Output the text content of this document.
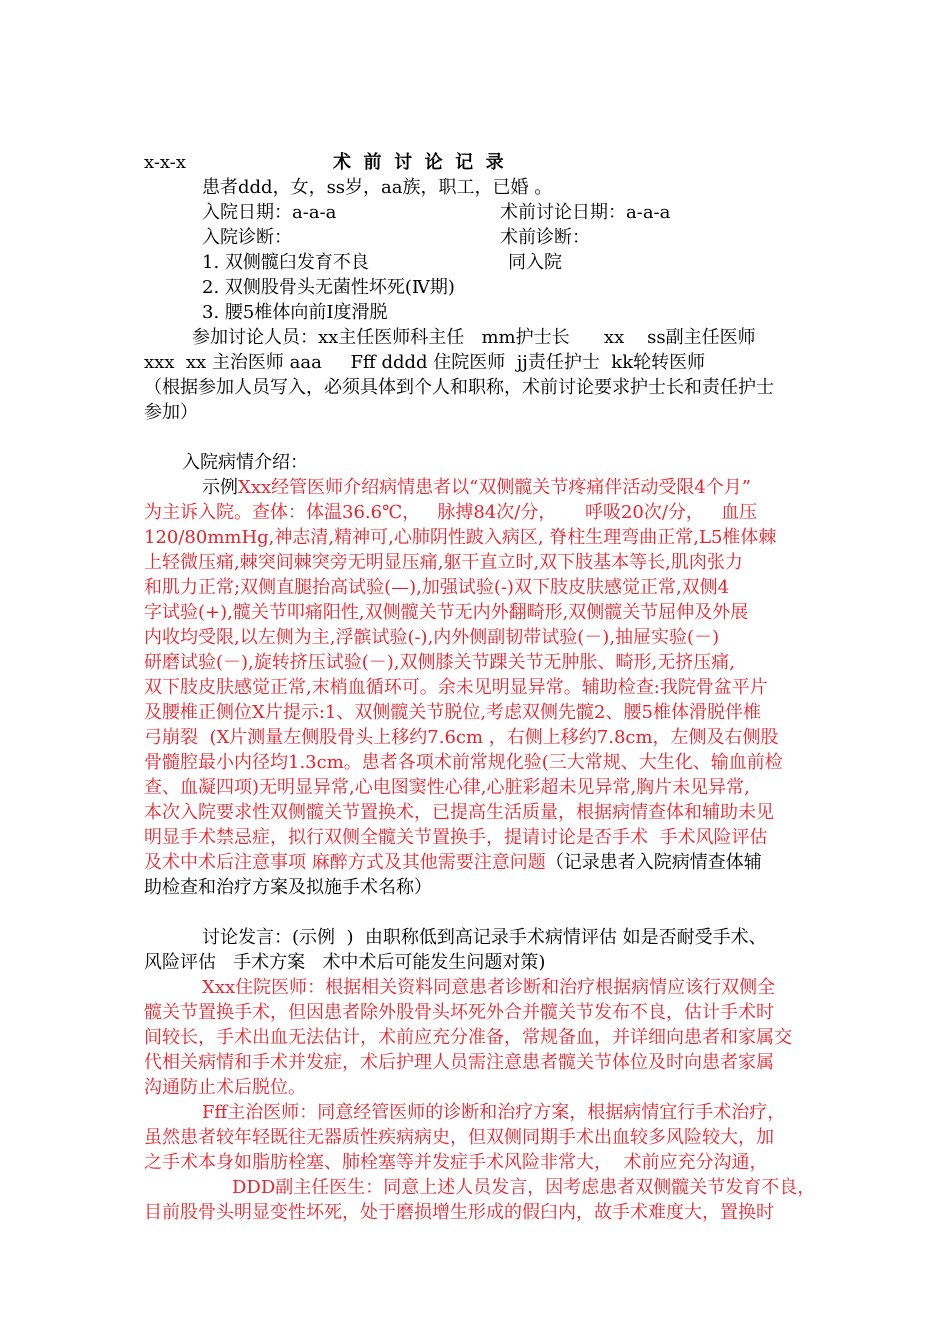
x-x-x	术  前  讨  论  记  录
患者ddd，女，ss岁，aa族，职工，已婚 。
入院日期：a-a-a	术前讨论日期：a-a-a
入院诊断：	术前诊断：
1. 双侧髋臼发育不良	同入院
2. 双侧股骨头无菌性坏死(Ⅳ期)
3. 腰5椎体向前Ⅰ度滑脱
参加讨论人员：xx主任医师科主任   mm护士长      xx    ss副主任医师
xxx  xx 主治医师 aaa     Fff dddd 住院医师  jj责任护士  kk轮转医师
（根据参加人员写入，必须具体到个人和职称，术前讨论要求护士长和责任护士
参加）
入院病情介绍：
示例Xxx经管医师介绍病情患者以“双侧髋关节疼痛伴活动受限4个月”
为主诉入院。查体：体温36.6℃，   脉搏84次/分，     呼吸20次/分，   血压
120/80mmHg,神志清,精神可,心肺阴性跛入病区, 脊柱生理弯曲正常,L5椎体棘
上轻微压痛,棘突间棘突旁无明显压痛,躯干直立时,双下肢基本等长,肌肉张力
和肌力正常;双侧直腿抬高试验(—),加强试验(-)双下肢皮肤感觉正常,双侧4
字试验(+),髋关节叩痛阳性,双侧髋关节无内外翻畸形,双侧髋关节屈伸及外展
内收均受限,以左侧为主,浮髌试验(-),内外侧副韧带试验(－),抽屉实验(－)
研磨试验(－),旋转挤压试验(－),双侧膝关节踝关节无肿胀、畸形,无挤压痛,
双下肢皮肤感觉正常,末梢血循环可。余未见明显异常。辅助检查:我院骨盆平片
及腰椎正侧位X片提示:1、双侧髋关节脱位,考虑双侧先髋2、腰5椎体滑脱伴椎
弓崩裂  (X片测量左侧股骨头上移约7.6cm ，右侧上移约7.8cm，左侧及右侧股
骨髓腔最小内径均1.3cm。患者各项术前常规化验(三大常规、大生化、输血前检
查、血凝四项)无明显异常,心电图窦性心律,心脏彩超未见异常,胸片未见异常,
本次入院要求性双侧髋关节置换术，已提高生活质量，根据病情查体和辅助未见
明显手术禁忌症，拟行双侧全髋关节置换手，提请讨论是否手术  手术风险评估
及术中术后注意事项 麻醉方式及其他需要注意问题（记录患者入院病情查体辅
助检查和治疗方案及拟施手术名称）
讨论发言：(示例  )  由职称低到高记录手术病情评估 如是否耐受手术、
风险评估   手术方案   术中术后可能发生问题对策)
Xxx住院医师：根据相关资料同意患者诊断和治疗根据病情应该行双侧全
髋关节置换手术，但因患者除外股骨头坏死外合并髋关节发布不良，估计手术时
间较长，手术出血无法估计，术前应充分准备，常规备血，并详细向患者和家属交
代相关病情和手术并发症，术后护理人员需注意患者髋关节体位及时向患者家属
沟通防止术后脱位。
Fff主治医师：同意经管医师的诊断和治疗方案，根据病情宜行手术治疗，
虽然患者较年轻既往无器质性疾病病史，但双侧同期手术出血较多风险较大，加
之手术本身如脂肪栓塞、肺栓塞等并发症手术风险非常大，  术前应充分沟通，
DDD副主任医生：同意上述人员发言，因考虑患者双侧髋关节发育不良，
目前股骨头明显变性坏死，处于磨损增生形成的假臼内，故手术难度大，置换时
